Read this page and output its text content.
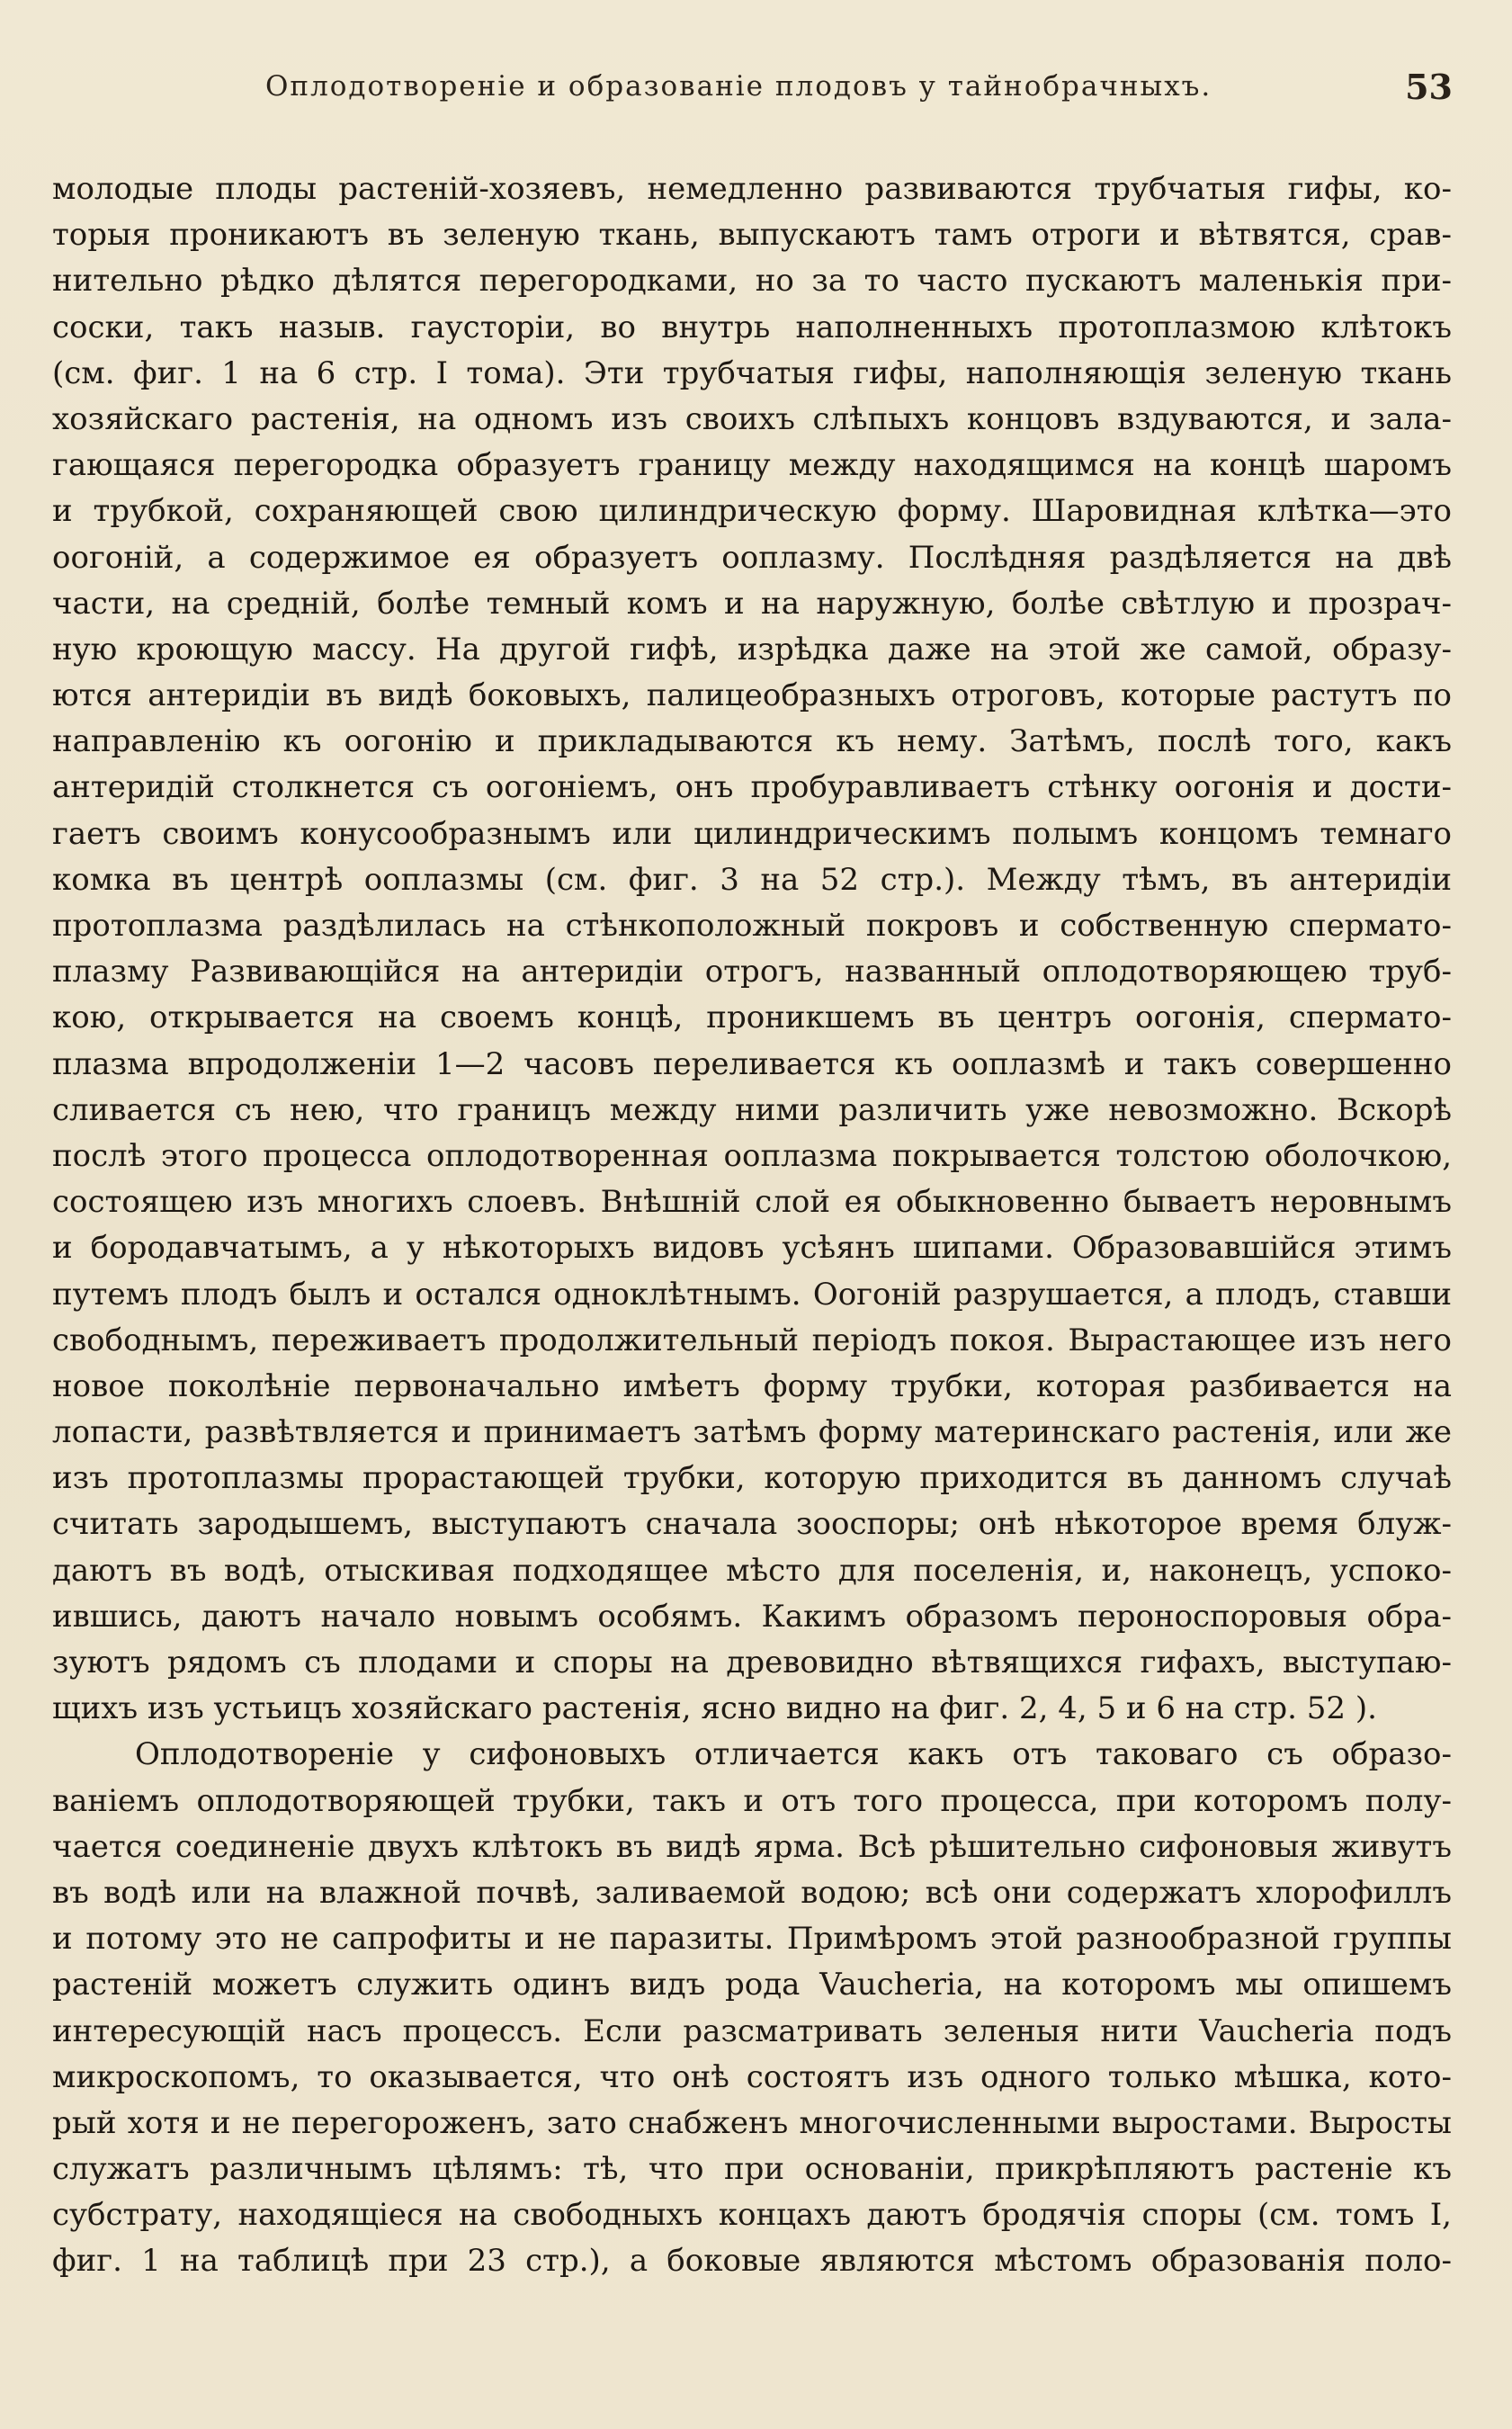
Оплодотвореніе и образованіе плодовъ у тайнобрачныхъ.	53
молодые плоды растеній-хозяевъ, немедленно развиваются трубчатыя гифы, ко-
торыя проникаютъ въ зеленую ткань, выпускаютъ тамъ отроги и вѣтвятся, срав-
нительно рѣдко дѣлятся перегородками, но за то часто пускаютъ маленькія при-
соски, такъ назыв. гаусторіи, во внутрь наполненныхъ протоплазмою клѣтокъ
(см. фиг. 1 на 6 стр. I тома). Эти трубчатыя гифы, наполняющія зеленую ткань
хозяйскаго растенія, на одномъ изъ своихъ слѣпыхъ концовъ вздуваются, и зала-
гающаяся перегородка образуетъ границу между находящимся на концѣ шаромъ
и трубкой, сохраняющей свою цилиндрическую форму. Шаровидная клѣтка—это
оогоній, а содержимое ея образуетъ ооплазму. Послѣдняя раздѣляется на двѣ
части, на средній, болѣе темный комъ и на наружную, болѣе свѣтлую и прозрач-
ную кроющую массу. На другой гифѣ, изрѣдка даже на этой же самой, образу-
ются антеридіи въ видѣ боковыхъ, палицеобразныхъ отроговъ, которые растутъ по
направленію къ оогонію и прикладываются къ нему. Затѣмъ, послѣ того, какъ
антеридій столкнется съ оогоніемъ, онъ пробуравливаетъ стѣнку оогонія и дости-
гаетъ своимъ конусообразнымъ или цилиндрическимъ полымъ концомъ темнаго
комка въ центрѣ ооплазмы (см. фиг. 3 на 52 стр.). Между тѣмъ, въ антеридіи
протоплазма раздѣлилась на стѣнкоположный покровъ и собственную спермато-
плазму Развивающійся на антеридіи отрогъ, названный оплодотворяющею труб-
кою, открывается на своемъ концѣ, проникшемъ въ центръ оогонія, спермато-
плазма впродолженіи 1—2 часовъ переливается къ ооплазмѣ и такъ совершенно
сливается съ нею, что границъ между ними различить уже невозможно. Вскорѣ
послѣ этого процесса оплодотворенная ооплазма покрывается толстою оболочкою,
состоящею изъ многихъ слоевъ. Внѣшній слой ея обыкновенно бываетъ неровнымъ
и бородавчатымъ, а у нѣкоторыхъ видовъ усѣянъ шипами. Образовавшійся этимъ
путемъ плодъ былъ и остался одноклѣтнымъ. Оогоній разрушается, а плодъ, ставши
свободнымъ, переживаетъ продолжительный періодъ покоя. Вырастающее изъ него
новое поколѣніе первоначально имѣетъ форму трубки, которая разбивается на
лопасти, развѣтвляется и принимаетъ затѣмъ форму материнскаго растенія, или же
изъ протоплазмы прорастающей трубки, которую приходится въ данномъ случаѣ
считать зародышемъ, выступаютъ сначала зооспоры; онѣ нѣкоторое время блуж-
даютъ въ водѣ, отыскивая подходящее мѣсто для поселенія, и, наконецъ, успоко-
ившись, даютъ начало новымъ особямъ. Какимъ образомъ пероноспоровыя обра-
зуютъ рядомъ съ плодами и споры на древовидно вѣтвящихся гифахъ, выступаю-
щихъ изъ устьицъ хозяйскаго растенія, ясно видно на фиг. 2, 4, 5 и 6 на стр. 52 ).
Оплодотвореніе у сифоновыхъ отличается какъ отъ таковаго съ образо-
ваніемъ оплодотворяющей трубки, такъ и отъ того процесса, при которомъ полу-
чается соединеніе двухъ клѣтокъ въ видѣ ярма. Всѣ рѣшительно сифоновыя живутъ
въ водѣ или на влажной почвѣ, заливаемой водою; всѣ они содержатъ хлорофиллъ
и потому это не сапрофиты и не паразиты. Примѣромъ этой разнообразной группы
растеній можетъ служить одинъ видъ рода Vaucheria, на которомъ мы опишемъ
интересующій насъ процессъ. Если разсматривать зеленыя нити Vaucheria подъ
микроскопомъ, то оказывается, что онѣ состоятъ изъ одного только мѣшка, кото-
рый хотя и не перегороженъ, зато снабженъ многочисленными выростами. Выросты
служатъ различнымъ цѣлямъ: тѣ, что при основаніи, прикрѣпляютъ растеніе къ
субстрату, находящіеся на свободныхъ концахъ даютъ бродячія споры (см. томъ I,
фиг. 1 на таблицѣ при 23 стр.), а боковые являются мѣстомъ образованія поло-
